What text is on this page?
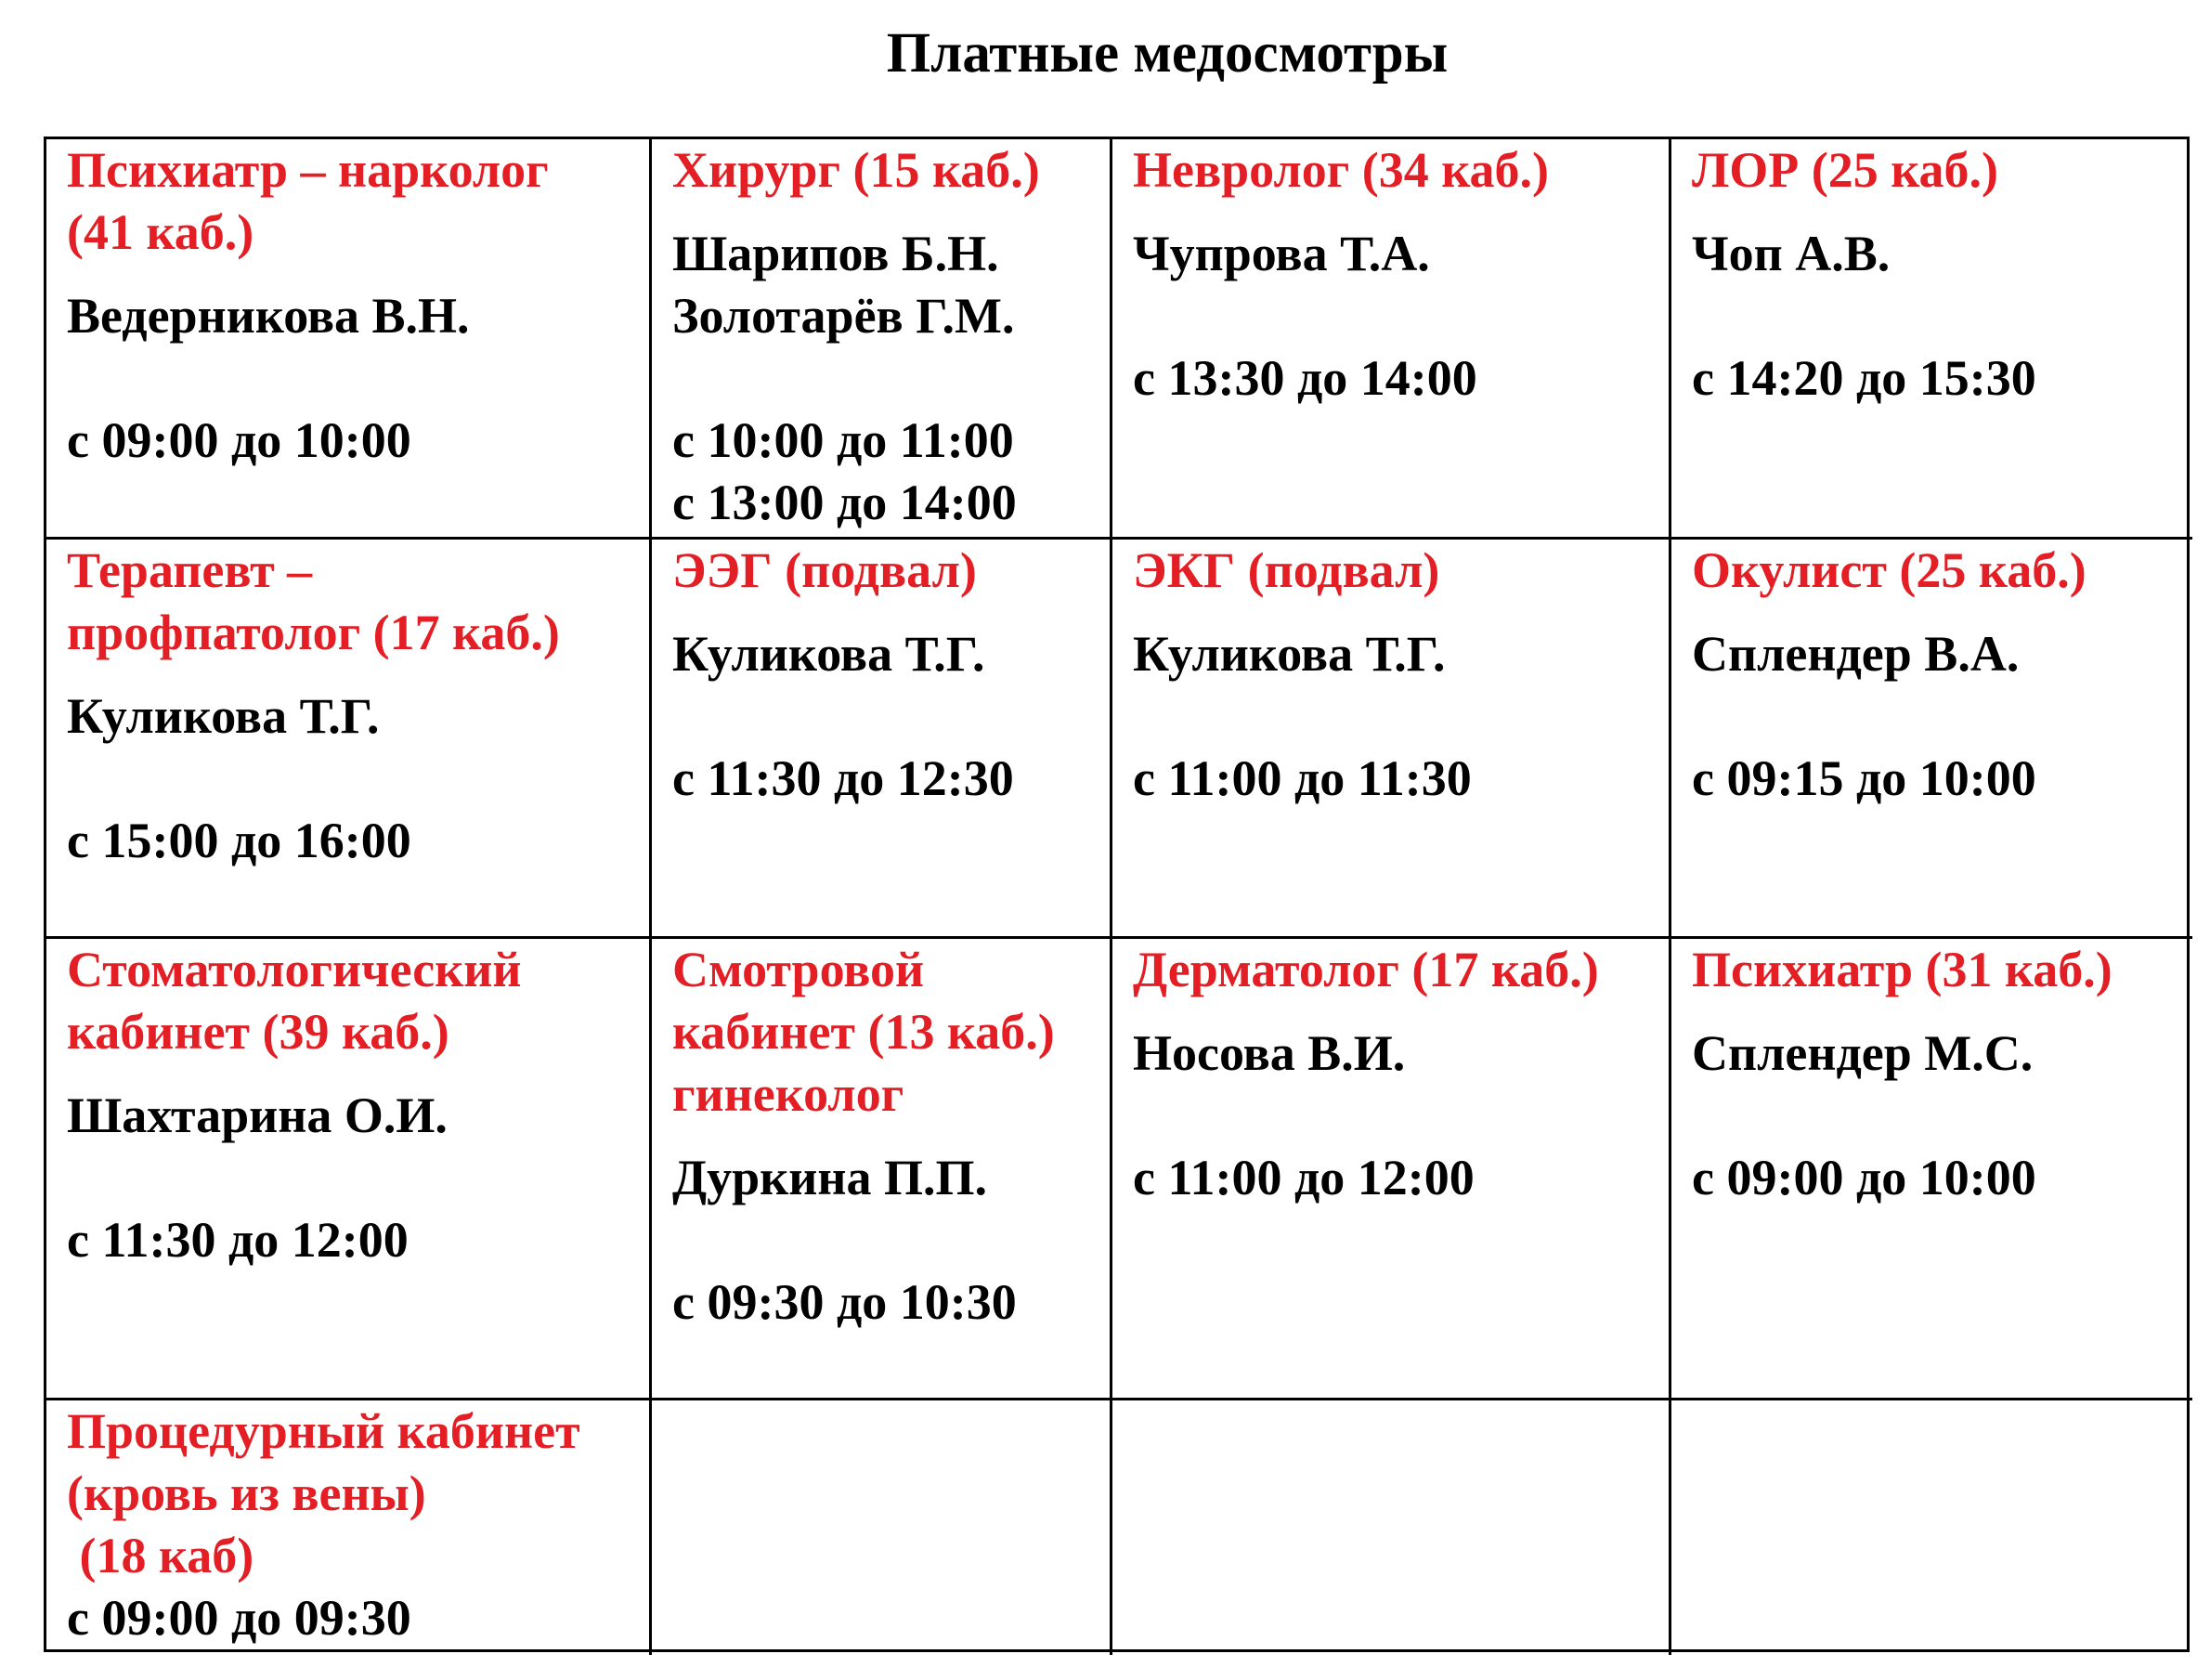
Платные медосмотры
Психиатр – нарколог
(41 каб.)
Ведерникова В.Н.
с 09:00 до 10:00
Хирург (15 каб.)
Шарипов Б.Н.
Золотарёв Г.М.
с 10:00 до 11:00
с 13:00 до 14:00
Невролог (34 каб.)
Чупрова Т.А.
с 13:30 до 14:00
ЛОР (25 каб.)
Чоп А.В.
с 14:20 до 15:30
Терапевт –
профпатолог (17 каб.)
Куликова Т.Г.
с 15:00 до 16:00
ЭЭГ (подвал)
Куликова Т.Г.
с 11:30 до 12:30
ЭКГ (подвал)
Куликова Т.Г.
с 11:00 до 11:30
Окулист (25 каб.)
Сплендер В.А.
с 09:15 до 10:00
Стоматологический
кабинет (39 каб.)
Шахтарина О.И.
с 11:30 до 12:00
Смотровой
кабинет (13 каб.)
гинеколог
Дуркина П.П.
с 09:30 до 10:30
Дерматолог (17 каб.)
Носова В.И.
с 11:00 до 12:00
Психиатр (31 каб.)
Сплендер М.С.
с 09:00 до 10:00
Процедурный кабинет
(кровь из вены)
(18 каб)
с 09:00 до 09:30
